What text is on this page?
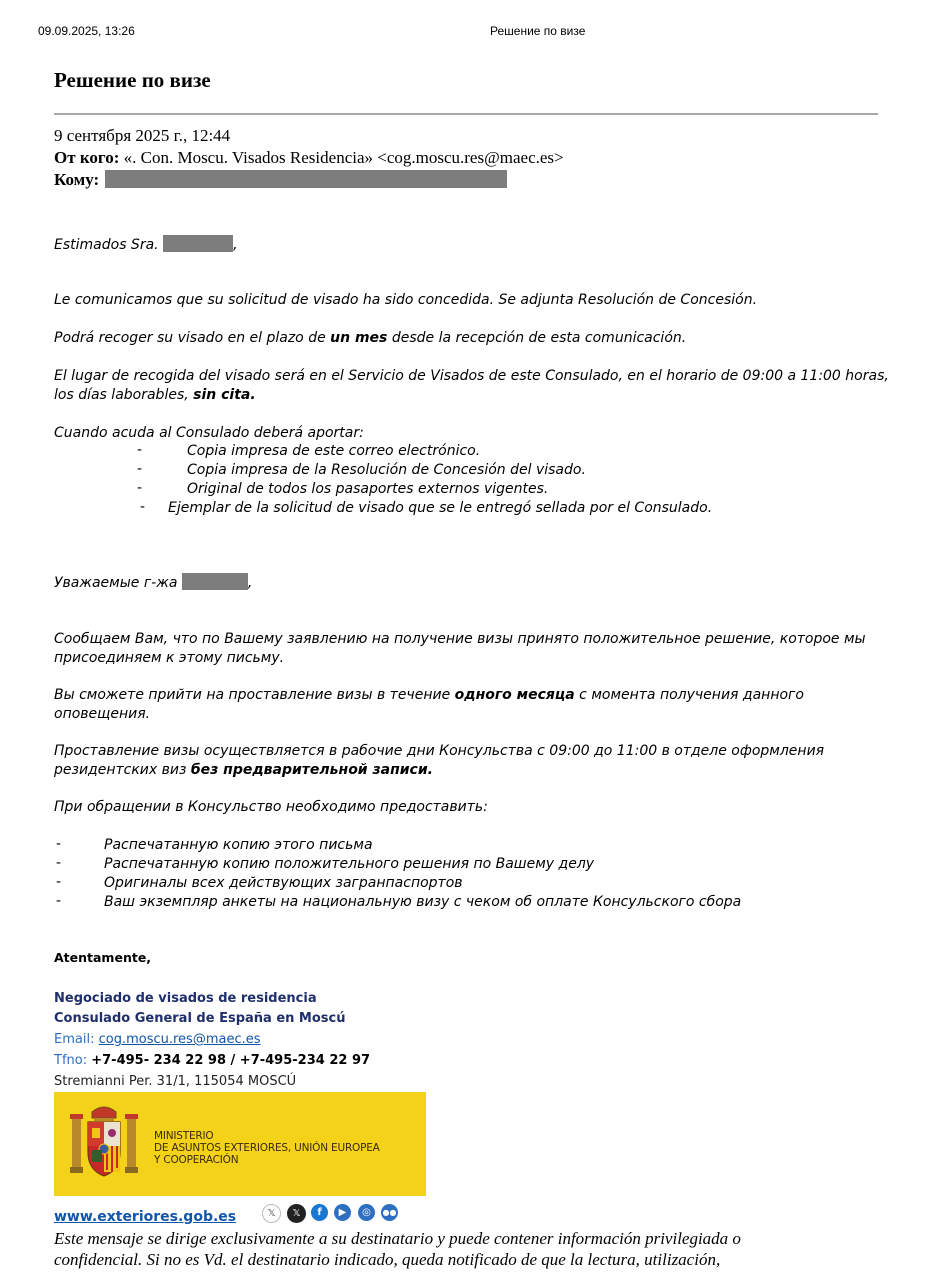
09.09.2025, 13:26	Решение по визе
Решение по визе
9 сентября 2025 г., 12:44
От кого: «. Con. Moscu. Visados Residencia» <cog.moscu.res@maec.es>
Кому:
Estimados Sra.	,
Le comunicamos que su solicitud de visado ha sido concedida. Se adjunta Resolución de Concesión.
Podrá recoger su visado en el plazo de un mes desde la recepción de esta comunicación.
El lugar de recogida del visado será en el Servicio de Visados de este Consulado, en el horario de 09:00 a 11:00 horas,
los días laborables, sin cita.
Cuando acuda al Consulado deberá aportar:
-	Copia impresa de este correo electrónico.
-	Copia impresa de la Resolución de Concesión del visado.
-	Original de todos los pasaportes externos vigentes.
- Ejemplar de la solicitud de visado que se le entregó sellada por el Consulado.
Уважаемые г-жа	,
Сообщаем Вам, что по Вашему заявлению на получение визы принято положительное решение, которое мы
присоединяем к этому письму.
Вы сможете прийти на проставление визы в течение одного месяца с момента получения данного
оповещения.
Проставление визы осуществляется в рабочие дни Консульства с 09:00 до 11:00 в отделе оформления
резидентских виз без предварительной записи.
При обращении в Консульство необходимо предоставить:
-	Распечатанную копию этого письма
-	Распечатанную копию положительного решения по Вашему делу
-	Оригиналы всех действующих загранпаспортов
-	Ваш экземпляр анкеты на национальную визу с чеком об оплате Консульского сбора
Atentamente,
Negociado de visados de residencia
Consulado General de España en Moscú
Email: cog.moscu.res@maec.es
Tfno: +7-495- 234 22 98 / +7-495-234 22 97
Stremianni Per. 31/1, 115054 MOSCÚ
MINISTERIO
DE ASUNTOS EXTERIORES, UNIÓN EUROPEA
Y COOPERACIÓN
www.exteriores.gob.es	𝕏	𝕏	f	▶	◎	●●
Este mensaje se dirige exclusivamente a su destinatario y puede contener información privilegiada o
confidencial. Si no es Vd. el destinatario indicado, queda notificado de que la lectura, utilización,
